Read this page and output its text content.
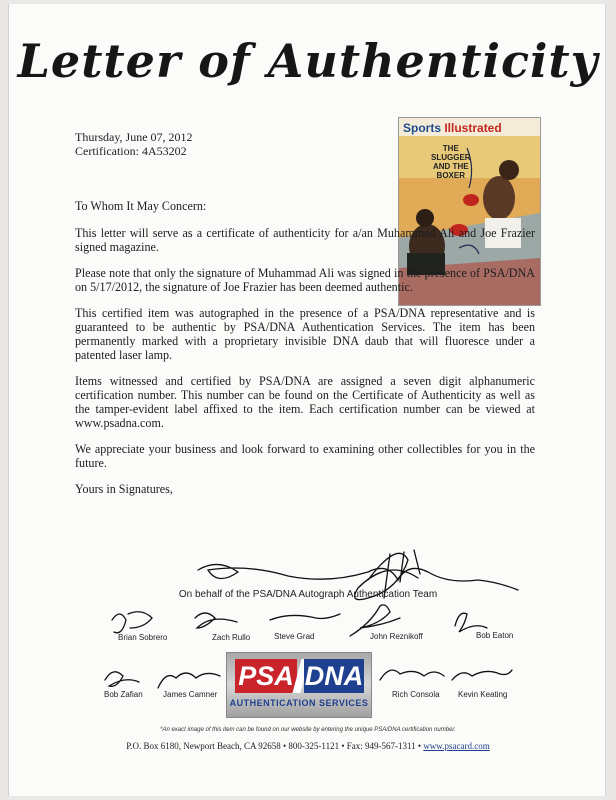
Letter of Authenticity
Thursday, June 07, 2012
Certification: 4A53202
Sports Illustrated
THE
SLUGGER
AND THE
BOXER

To Whom It May Concern:

This letter will serve as a certificate of authenticity for a/an Muhammad Ali and Joe Frazier signed magazine.

Please note that only the signature of Muhammad Ali was signed in the presence of PSA/DNA on 5/17/2012, the signature of Joe Frazier has been deemed authentic.

This certified item was autographed in the presence of a PSA/DNA representative and is guaranteed to be authentic by PSA/DNA Authentication Services. The item has been permanently marked with a proprietary invisible DNA daub that will fluoresce under a patented laser lamp.

Items witnessed and certified by PSA/DNA are assigned a seven digit alphanumeric certification number. This number can be found on the Certificate of Authenticity as well as the tamper-evident label affixed to the item. Each certification number can be viewed at www.psadna.com.

We appreciate your business and look forward to examining other collectibles for you in the future.

Yours in Signatures,

On behalf of the PSA/DNA Autograph Authentication Team
Brian Sobrero	Zach Rullo	Steve Grad	John Reznikoff	Bob Eaton
Bob Zafian	James Camner	Rich Consola Kevin Keating
PSA DNA
AUTHENTICATION SERVICES
*An exact image of this item can be found on our website by entering the unique PSA/DNA certification number.
P.O. Box 6180, Newport Beach, CA 92658 • 800-325-1121 • Fax: 949-567-1311 • www.psacard.com
